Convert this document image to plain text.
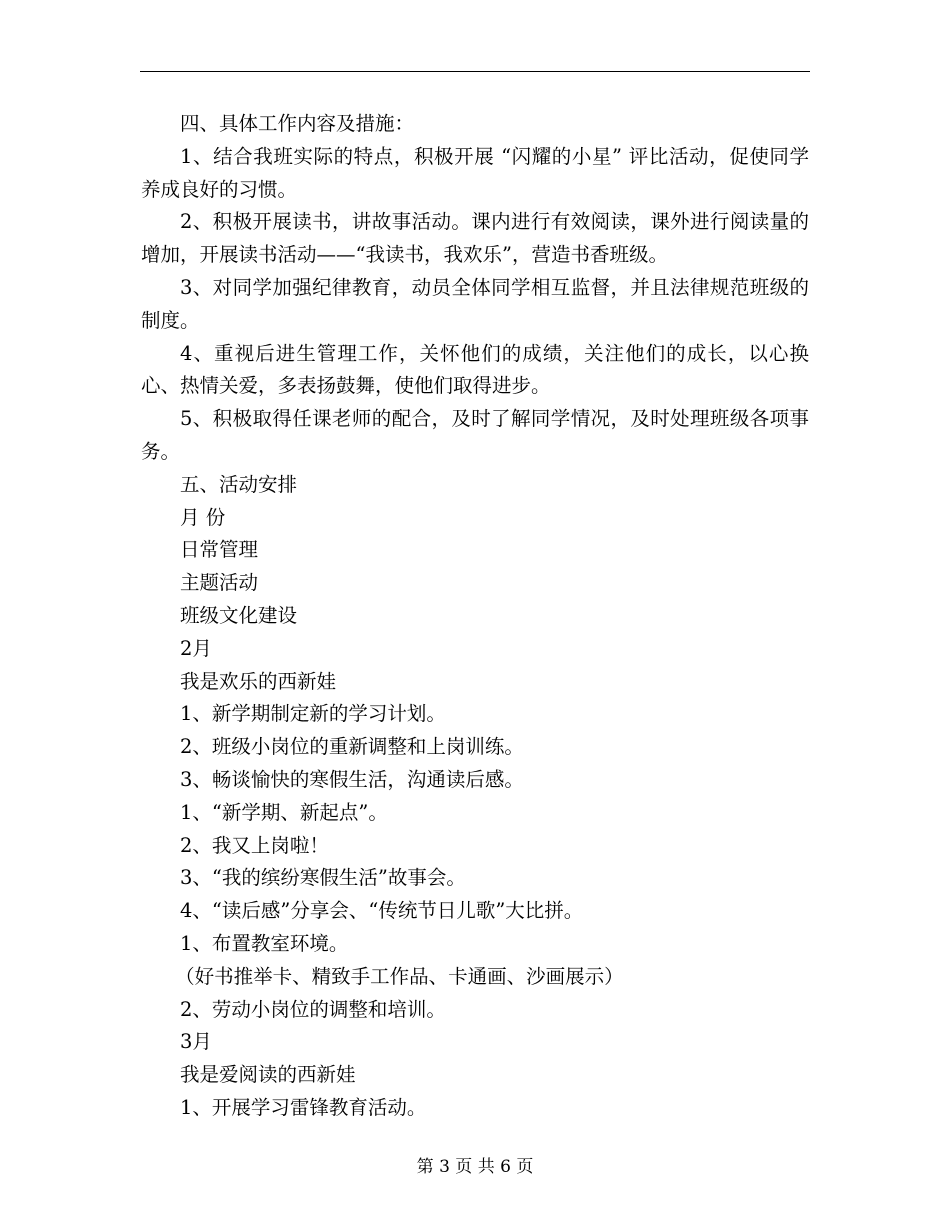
四、具体工作内容及措施：

1、结合我班实际的特点，积极开展 “闪耀的小星” 评比活动，促使同学养成良好的习惯。

2、积极开展读书，讲故事活动。课内进行有效阅读，课外进行阅读量的增加，开展读书活动——“我读书，我欢乐”，营造书香班级。

3、对同学加强纪律教育，动员全体同学相互监督，并且法律规范班级的制度。

4、重视后进生管理工作，关怀他们的成绩，关注他们的成长，以心换心、热情关爱，多表扬鼓舞，使他们取得进步。

5、积极取得任课老师的配合，及时了解同学情况，及时处理班级各项事务。

五、活动安排

月 份

日常管理

主题活动

班级文化建设

2月

我是欢乐的西新娃

1、新学期制定新的学习计划。

2、班级小岗位的重新调整和上岗训练。

3、畅谈愉快的寒假生活，沟通读后感。

1、“新学期、新起点”。

2、我又上岗啦！

3、“我的缤纷寒假生活”故事会。

4、“读后感”分享会、“传统节日儿歌”大比拼。

1、布置教室环境。

（好书推举卡、精致手工作品、卡通画、沙画展示）

2、劳动小岗位的调整和培训。

3月

我是爱阅读的西新娃

1、开展学习雷锋教育活动。

第 3 页 共 6 页
